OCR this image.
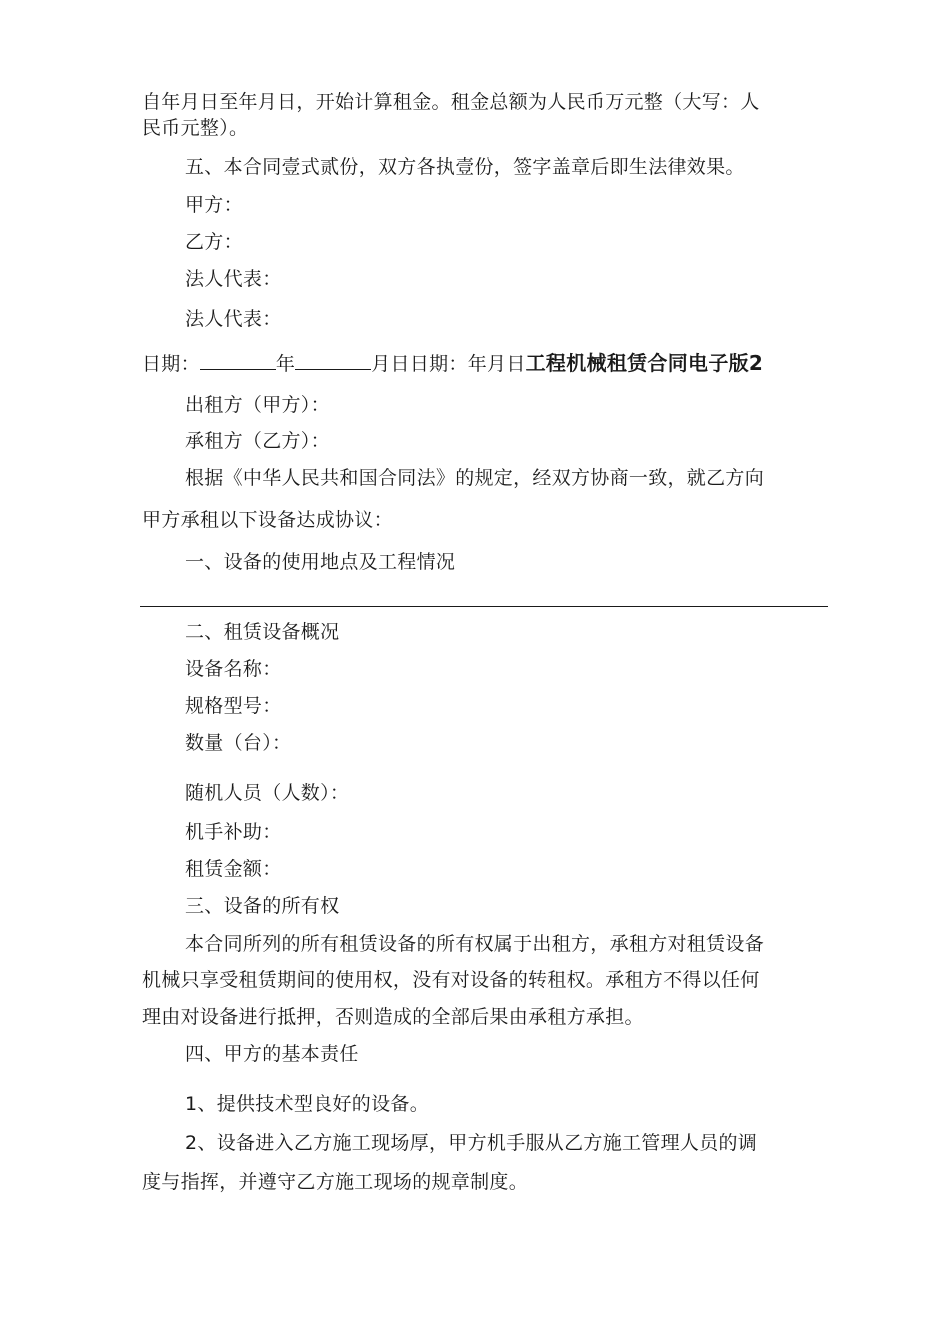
自年月日至年月日，开始计算租金。租金总额为人民币万元整（大写：人
民币元整）。
五、本合同壹式贰份，双方各执壹份，签字盖章后即生法律效果。
甲方：
乙方：
法人代表：
法人代表：
日期：	年	月日日期：年月日工程机械租赁合同电子版2
出租方（甲方）：
承租方（乙方）：
根据《中华人民共和国合同法》的规定，经双方协商一致，就乙方向
甲方承租以下设备达成协议：
一、设备的使用地点及工程情况
二、租赁设备概况
设备名称：
规格型号：
数量（台）：
随机人员（人数）：
机手补助：
租赁金额：
三、设备的所有权
本合同所列的所有租赁设备的所有权属于出租方，承租方对租赁设备
机械只享受租赁期间的使用权，没有对设备的转租权。承租方不得以任何
理由对设备进行抵押，否则造成的全部后果由承租方承担。
四、甲方的基本责任
1、提供技术型良好的设备。
2、设备进入乙方施工现场厚，甲方机手服从乙方施工管理人员的调
度与指挥，并遵守乙方施工现场的规章制度。
